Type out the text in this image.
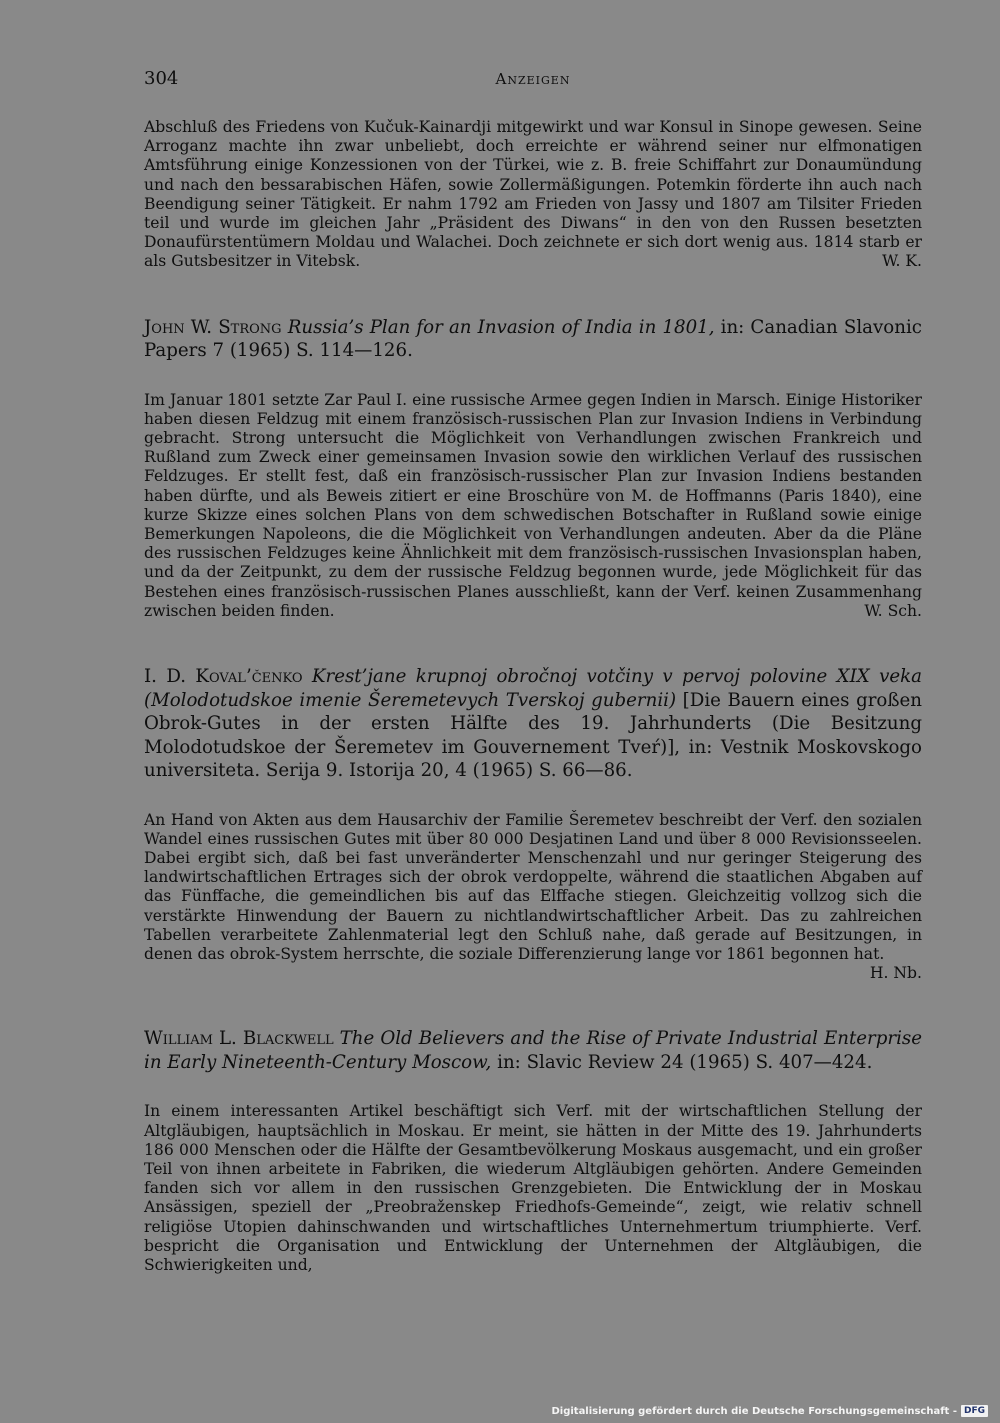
304	Anzeigen

Abschluß des Friedens von Kučuk-Kainardji mitgewirkt und war Konsul in Sinope gewesen. Seine Arroganz machte ihn zwar unbeliebt, doch erreichte er während seiner nur elfmonatigen Amtsführung einige Konzessionen von der Türkei, wie z. B. freie Schiffahrt zur Donaumündung und nach den bessarabischen Häfen, sowie Zollermäßigungen. Potemkin förderte ihn auch nach Beendigung seiner Tätigkeit. Er nahm 1792 am Frieden von Jassy und 1807 am Tilsiter Frieden teil und wurde im gleichen Jahr „Präsident des Diwans“ in den von den Russen besetzten Donaufürstentümern Moldau und Walachei. Doch zeichnete er sich dort wenig aus. 1814 starb er als Gutsbesitzer in Vitebsk.	W. K.

John W. Strong Russia’s Plan for an Invasion of India in 1801, in: Canadian Slavonic Papers 7 (1965) S. 114—126.

Im Januar 1801 setzte Zar Paul I. eine russische Armee gegen Indien in Marsch. Einige Historiker haben diesen Feldzug mit einem französisch-russischen Plan zur Invasion Indiens in Verbindung gebracht. Strong untersucht die Möglichkeit von Verhandlungen zwischen Frankreich und Rußland zum Zweck einer gemeinsamen Invasion sowie den wirklichen Verlauf des russischen Feldzuges. Er stellt fest, daß ein französisch-russischer Plan zur Invasion Indiens bestanden haben dürfte, und als Beweis zitiert er eine Broschüre von M. de Hoffmanns (Paris 1840), eine kurze Skizze eines solchen Plans von dem schwedischen Botschafter in Rußland sowie einige Bemerkungen Napoleons, die die Möglichkeit von Verhandlungen andeuten. Aber da die Pläne des russischen Feldzuges keine Ähnlichkeit mit dem französisch-russischen Invasionsplan haben, und da der Zeitpunkt, zu dem der russische Feldzug begonnen wurde, jede Möglichkeit für das Bestehen eines französisch-russischen Planes ausschließt, kann der Verf. keinen Zusammenhang zwischen beiden finden.	W. Sch.

I. D. Koval’čenko Krest’jane krupnoj obročnoj votčiny v pervoj polovine XIX veka (Molodotudskoe imenie Šeremetevych Tverskoj gubernii) [Die Bauern eines großen Obrok-Gutes in der ersten Hälfte des 19. Jahrhunderts (Die Besitzung Molodotudskoe der Šeremetev im Gouvernement Tveŕ)], in: Vestnik Moskovskogo universiteta. Serija 9. Istorija 20, 4 (1965) S. 66—86.

An Hand von Akten aus dem Hausarchiv der Familie Šeremetev beschreibt der Verf. den sozialen Wandel eines russischen Gutes mit über 80 000 Desjatinen Land und über 8 000 Revisionsseelen. Dabei ergibt sich, daß bei fast unveränderter Menschenzahl und nur geringer Steigerung des landwirtschaftlichen Ertrages sich der obrok verdoppelte, während die staatlichen Abgaben auf das Fünffache, die gemeindlichen bis auf das Elffache stiegen. Gleichzeitig vollzog sich die verstärkte Hinwendung der Bauern zu nichtlandwirtschaftlicher Arbeit. Das zu zahlreichen Tabellen verarbeitete Zahlenmaterial legt den Schluß nahe, daß gerade auf Besitzungen, in denen das obrok-System herrschte, die soziale Differenzierung lange vor 1861 begonnen hat.
H. Nb.

William L. Blackwell The Old Believers and the Rise of Private Industrial Enterprise in Early Nineteenth-Century Moscow, in: Slavic Review 24 (1965) S. 407—424.

In einem interessanten Artikel beschäftigt sich Verf. mit der wirtschaftlichen Stellung der Altgläubigen, hauptsächlich in Moskau. Er meint, sie hätten in der Mitte des 19. Jahrhunderts 186 000 Menschen oder die Hälfte der Gesamtbevölkerung Moskaus ausgemacht, und ein großer Teil von ihnen arbeitete in Fabriken, die wiederum Altgläubigen gehörten. Andere Gemeinden fanden sich vor allem in den russischen Grenzgebieten. Die Entwicklung der in Moskau Ansässigen, speziell der „Preobraženskер Friedhofs-Gemeinde“, zeigt, wie relativ schnell religiöse Utopien dahinschwanden und wirtschaftliches Unternehmertum triumphierte. Verf. bespricht die Organisation und Entwicklung der Unternehmen der Altgläubigen, die Schwierigkeiten und,

Digitalisierung gefördert durch die Deutsche Forschungsgemeinschaft - DFG
